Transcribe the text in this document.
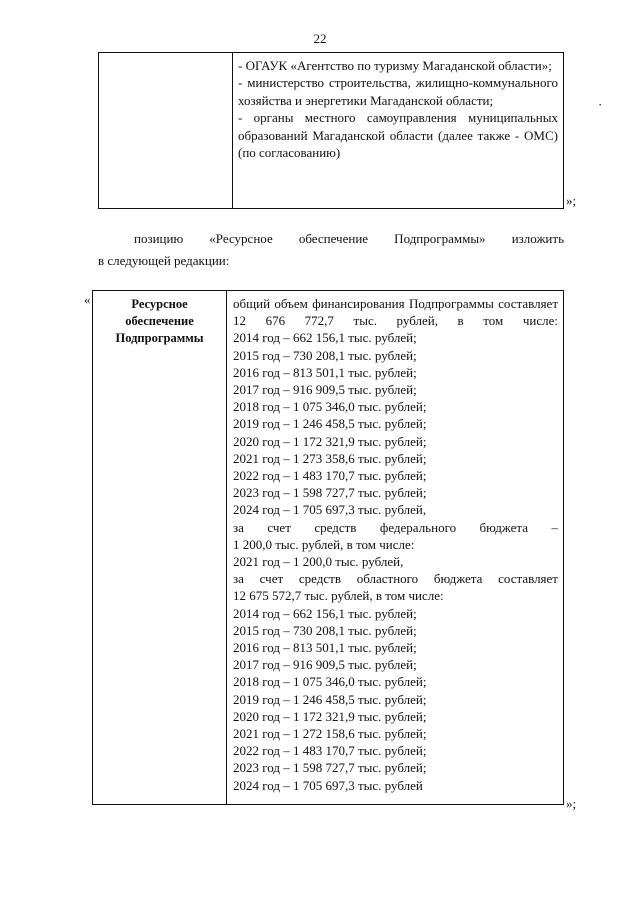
22

- ОГАУК «Агентство по туризму Магаданской области»;

- министерство строительства, жилищно-коммунального хозяйства и энергетики Магаданской области;

- органы местного самоуправления муниципальных образований Магаданской области (далее также - ОМС) (по согласованию)

»;
·
позицию «Ресурсное обеспечение Подпрограммы» изложить
в следующей редакции:
«	Ресурсное
обеспечение
Подпрограммы
общий объем финансирования Подпрограммы составляет 12 676 772,7 тыс. рублей, в том числе:
2014 год – 662 156,1 тыс. рублей;
2015 год – 730 208,1 тыс. рублей;
2016 год – 813 501,1 тыс. рублей;
2017 год – 916 909,5 тыс. рублей;
2018 год – 1 075 346,0 тыс. рублей;
2019 год – 1 246 458,5 тыс. рублей;
2020 год – 1 172 321,9 тыс. рублей;
2021 год – 1 273 358,6 тыс. рублей;
2022 год – 1 483 170,7 тыс. рублей;
2023 год – 1 598 727,7 тыс. рублей;
2024 год – 1 705 697,3 тыс. рублей,
за счет средств федерального бюджета –
1 200,0 тыс. рублей, в том числе:
2021 год – 1 200,0 тыс. рублей,
за счет средств областного бюджета составляет
12 675 572,7 тыс. рублей, в том числе:
2014 год – 662 156,1 тыс. рублей;
2015 год – 730 208,1 тыс. рублей;
2016 год – 813 501,1 тыс. рублей;
2017 год – 916 909,5 тыс. рублей;
2018 год – 1 075 346,0 тыс. рублей;
2019 год – 1 246 458,5 тыс. рублей;
2020 год – 1 172 321,9 тыс. рублей;
2021 год – 1 272 158,6 тыс. рублей;
2022 год – 1 483 170,7 тыс. рублей;
2023 год – 1 598 727,7 тыс. рублей;
2024 год – 1 705 697,3 тыс. рублей
»;
